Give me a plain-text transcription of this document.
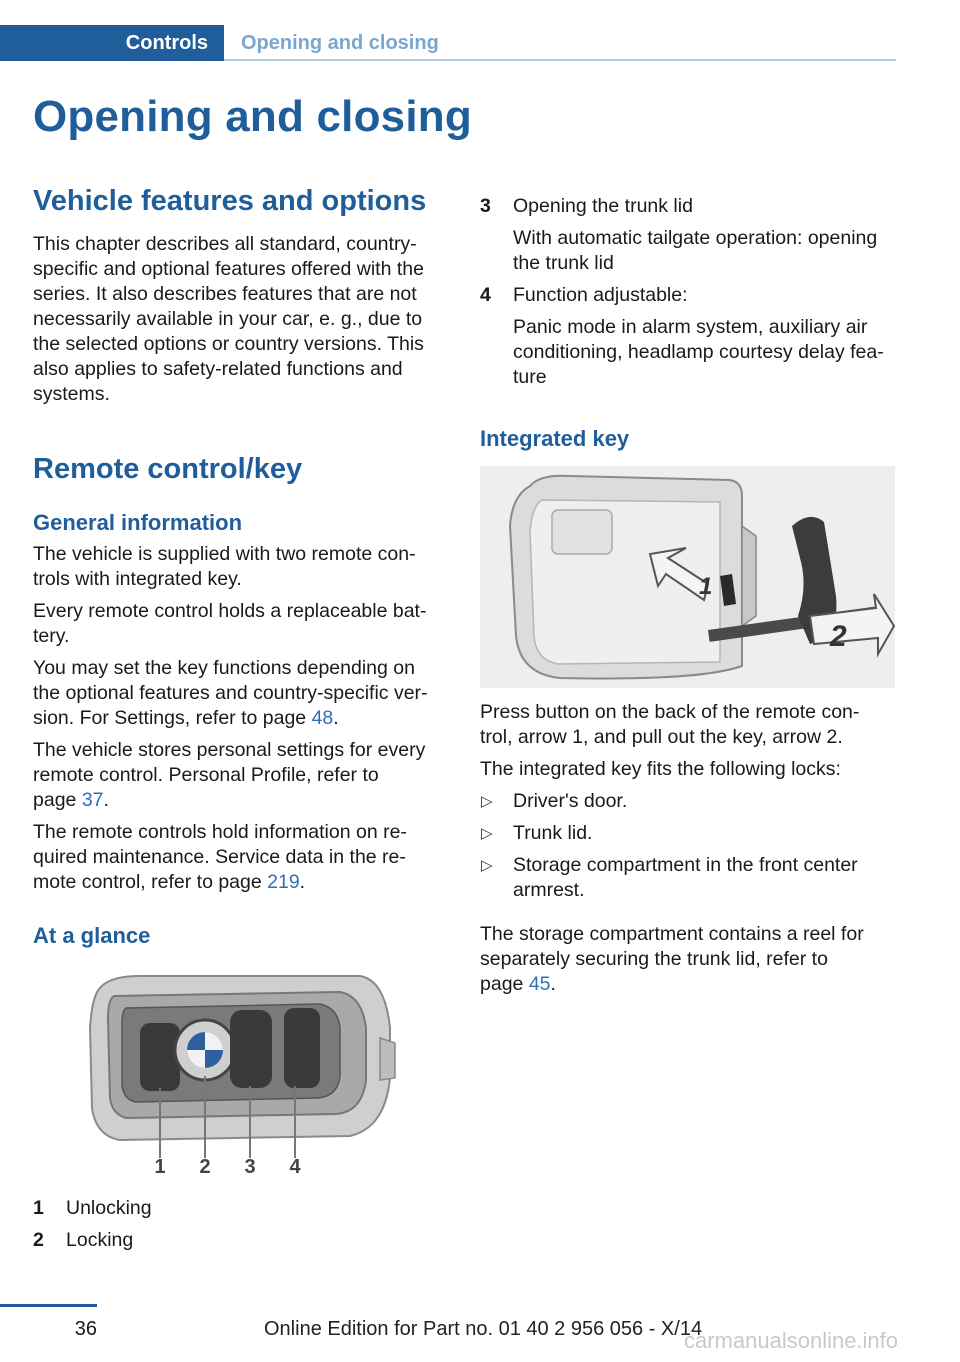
Controls	Opening and closing
Opening and closing
Vehicle features and options

This chapter describes all standard, country-

specific and optional features offered with the

series. It also describes features that are not

necessarily available in your car, e. g., due to

the selected options or country versions. This

also applies to safety-related functions and

systems.

Remote control/key
General information

The vehicle is supplied with two remote con-

trols with integrated key.

Every remote control holds a replaceable bat-

tery.

You may set the key functions depending on

the optional features and country-specific ver-

sion. For Settings, refer to page 48.

The vehicle stores personal settings for every

remote control. Personal Profile, refer to

page 37.

The remote controls hold information on re-

quired maintenance. Service data in the re-

mote control, refer to page 219.

At a glance
1 2 3 4
1 Unlocking
2 Locking
3 Opening the trunk lid
With automatic tailgate operation: opening
the trunk lid
4 Function adjustable:
Panic mode in alarm system, auxiliary air
conditioning, headlamp courtesy delay fea-
ture
Integrated key
1
2

Press button on the back of the remote con-

trol, arrow 1, and pull out the key, arrow 2.

The integrated key fits the following locks:

▷ Driver's door.
▷ Trunk lid.
▷ Storage compartment in the front center
armrest.

The storage compartment contains a reel for

separately securing the trunk lid, refer to

page 45.

36	Online Edition for Part no. 01 40 2 956 056 - X/14
carmanualsonline.info
